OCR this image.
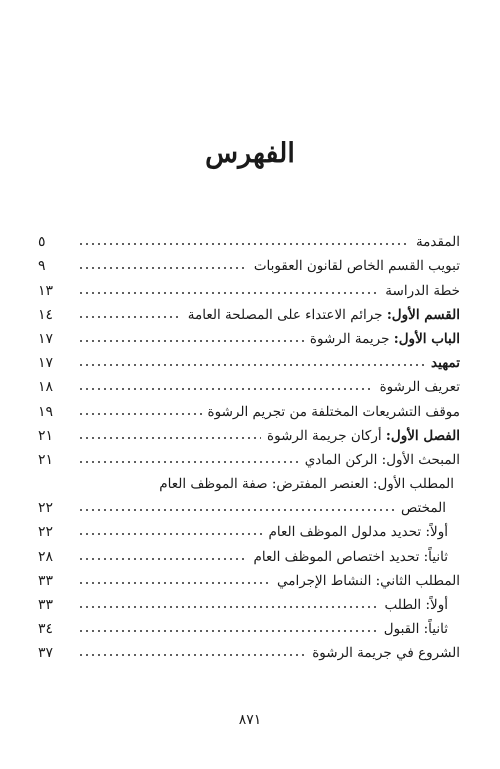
الفهرس
المقدمة
٥
تبويب القسم الخاص لقانون العقوبات
٩
خطة الدراسة
١٣
القسم الأول: جرائم الاعتداء على المصلحة العامة
١٤
الباب الأول: جريمة الرشوة
١٧
تمهيد
١٧
تعريف الرشوة
١٨
موقف التشريعات المختلفة من تجريم الرشوة
١٩
الفصل الأول: أركان جريمة الرشوة
٢١
المبحث الأول: الركن المادي
٢١
المطلب الأول: العنصر المفترض: صفة الموظف العام
المختص
٢٢
أولاً: تحديد مدلول الموظف العام
٢٢
ثانياً: تحديد اختصاص الموظف العام
٢٨
المطلب الثاني: النشاط الإجرامي
٣٣
أولاً: الطلب
٣٣
ثانياً: القبول
٣٤
الشروع في جريمة الرشوة
٣٧
٨٧١
